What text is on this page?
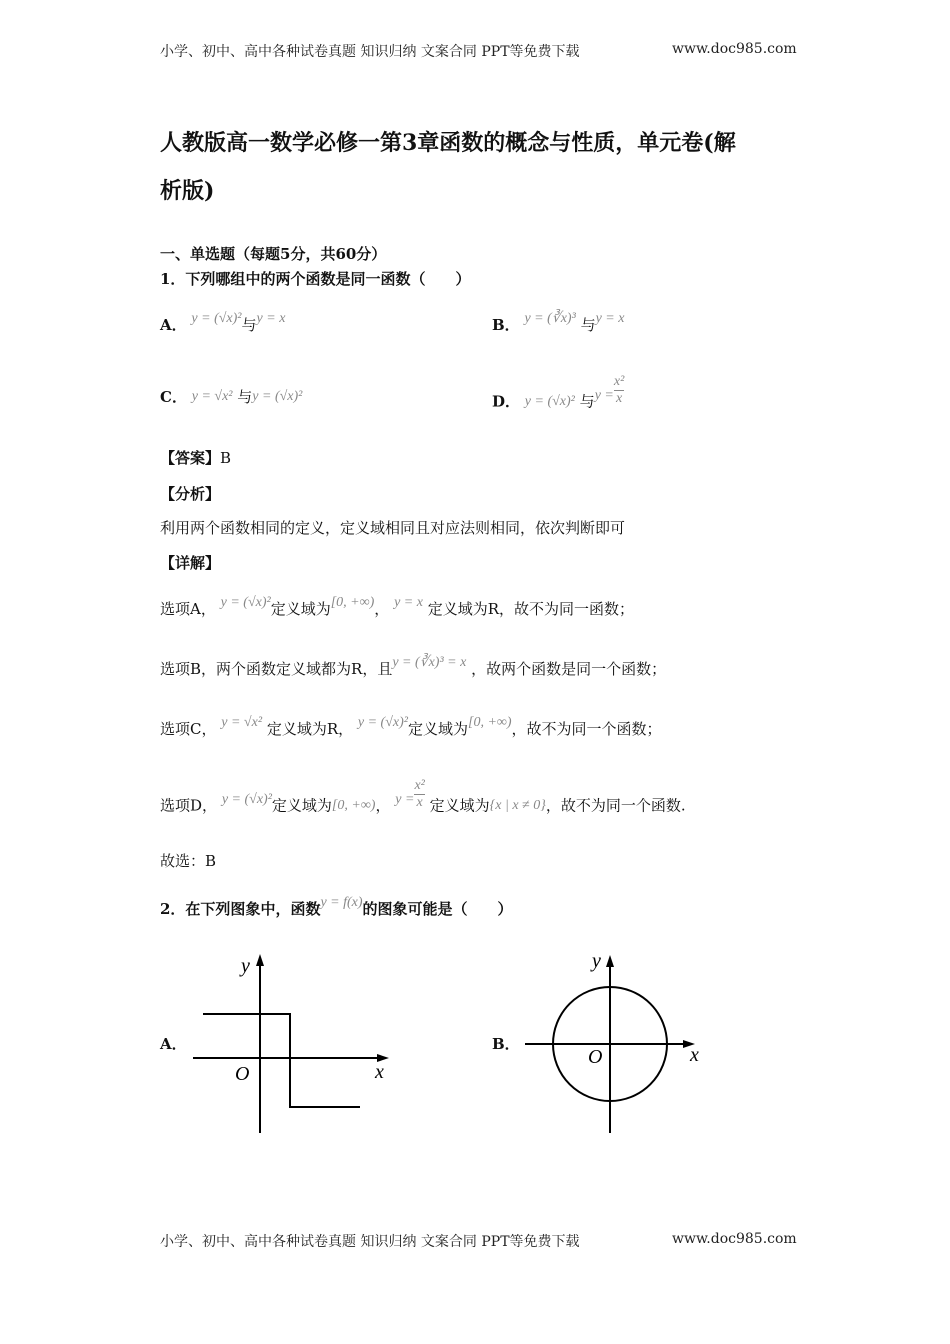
小学、初中、高中各种试卷真题 知识归纳 文案合同 PPT等免费下载	www.doc985.com
人教版高一数学必修一第3章函数的概念与性质，单元卷(解
析版)
一、单选题（每题5分，共60分）
1．下列哪组中的两个函数是同一函数（　　）
A． y = (√x)²与y = x	B． y = (∛x)³ 与y = x
C． y = √x² 与y = (√x)²	D． y = (√x)² 与$y = \frac{\text{x²}}{x}$
【答案】B
【分析】
利用两个函数相同的定义，定义域相同且对应法则相同，依次判断即可
【详解】
选项A， y = (√x)²定义域为[0, +∞)， y = x 定义域为R，故不为同一函数；
选项B，两个函数定义域都为R，且y = (∛x)³ = x ，故两个函数是同一个函数；
选项C， y = √x² 定义域为R， y = (√x)²定义域为[0, +∞)，故不为同一个函数；
选项D， y = (√x)²定义域为[0, +∞)， $y = \frac{\text{x²}}{x}$ 定义域为{x | x ≠ 0}，故不为同一个函数.
故选：B
2．在下列图象中，函数y = f(x)的图象可能是（　　）
A．
y
x
O
B．
y
x
O
小学、初中、高中各种试卷真题 知识归纳 文案合同 PPT等免费下载	www.doc985.com
